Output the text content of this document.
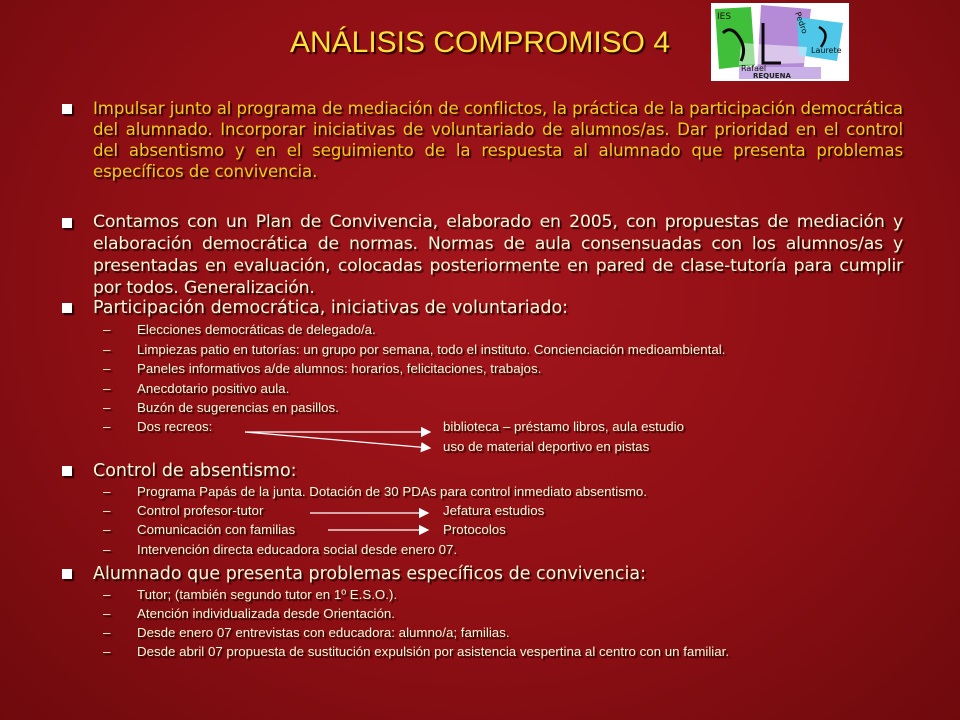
ANÁLISIS COMPROMISO 4
IES	Pedro
Rafael
Laurete
REQUENA

Impulsar junto al programa de mediación de conflictos, la práctica de la participación democrática del alumnado. Incorporar iniciativas de voluntariado de alumnos/as. Dar prioridad en el control del absentismo y en el seguimiento de la respuesta al alumnado que presenta problemas específicos de convivencia.

Contamos con un Plan de Convivencia, elaborado en 2005, con propuestas de mediación y elaboración democrática de normas. Normas de aula consensuadas con los alumnos/as y presentadas en evaluación, colocadas posteriormente en pared de clase-tutoría para cumplir por todos. Generalización.

Participación democrática, iniciativas de voluntariado:

– Elecciones democráticas de delegado/a.
– Limpiezas patio en tutorías: un grupo por semana, todo el instituto. Concienciación medioambiental.
– Paneles informativos a/de alumnos: horarios, felicitaciones, trabajos.
– Anecdotario positivo aula.
– Buzón de sugerencias en pasillos.
– Dos recreos:	biblioteca – préstamo libros, aula estudio
uso de material deportivo en pistas

Control de absentismo:

– Programa Papás de la junta. Dotación de 30 PDAs para control inmediato absentismo.
– Control profesor-tutor	Jefatura estudios
– Comunicación con familias	Protocolos
– Intervención directa educadora social desde enero 07.

Alumnado que presenta problemas específicos de convivencia:

– Tutor; (también segundo tutor en 1º E.S.O.).
– Atención individualizada desde Orientación.
– Desde enero 07 entrevistas con educadora: alumno/a; familias.
– Desde abril 07 propuesta de sustitución expulsión por asistencia vespertina al centro con un familiar.
